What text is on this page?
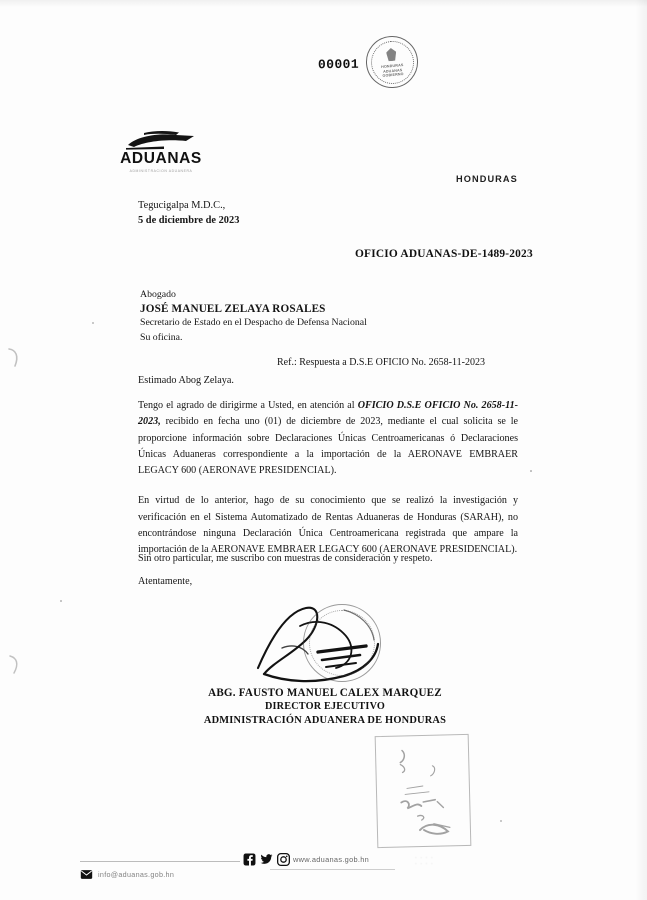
00001	HONDURAS
ADUANAS
GOBIERNO
ADUANAS
ADMINISTRACION ADUANERA
HONDURAS
Tegucigalpa M.D.C.,
5 de diciembre de 2023
OFICIO ADUANAS-DE-1489-2023
Abogado
JOSÉ MANUEL ZELAYA ROSALES
Secretario de Estado en el Despacho de Defensa Nacional
Su oficina.
Ref.: Respuesta a D.S.E OFICIO No. 2658-11-2023
Estimado Abog Zelaya.

Tengo el agrado de dirigirme a Usted, en atención al OFICIO D.S.E OFICIO No. 2658-11-2023, recibido en fecha uno (01) de diciembre de 2023, mediante el cual solicita se le proporcione información sobre Declaraciones Únicas Centroamericanas ó Declaraciones Únicas Aduaneras correspondiente a la importación de la AERONAVE EMBRAER LEGACY 600 (AERONAVE PRESIDENCIAL).

En virtud de lo anterior, hago de su conocimiento que se realizó la investigación y verificación en el Sistema Automatizado de Rentas Aduaneras de Honduras (SARAH), no encontrándose ninguna Declaración Única Centroamericana registrada que ampare la importación de la AERONAVE EMBRAER LEGACY 600 (AERONAVE PRESIDENCIAL).

Sin otro particular, me suscribo con muestras de consideración y respeto.
Atentamente,
ABG. FAUSTO MANUEL CALEX MARQUEZ
DIRECTOR EJECUTIVO
ADMINISTRACIÓN ADUANERA DE HONDURAS
www.aduanas.gob.hn
info@aduanas.gob.hn
. . . .
. . . .
